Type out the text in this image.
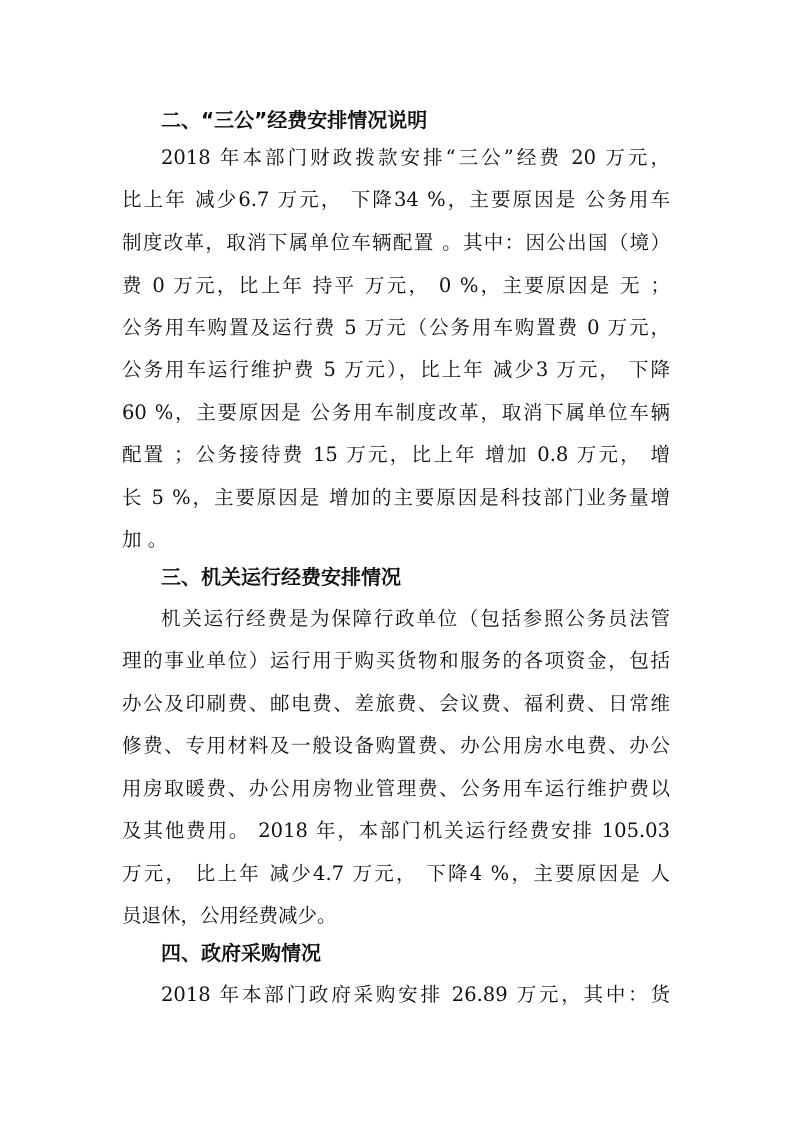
二、“三公”经费安排情况说明
2018 年本部门财政拨款安排“三公”经费 20 万元，
比上年 减少6.7 万元， 下降34 %，主要原因是 公务用车
制度改革，取消下属单位车辆配置 。其中：因公出国（境）
费 0 万元，比上年 持平 万元， 0 %，主要原因是 无 ；
公务用车购置及运行费 5 万元（公务用车购置费 0 万元，
公务用车运行维护费 5 万元），比上年 减少3 万元， 下降
60 %，主要原因是 公务用车制度改革，取消下属单位车辆
配置 ；公务接待费 15 万元，比上年 增加 0.8 万元， 增
长 5 %，主要原因是 增加的主要原因是科技部门业务量增
加 。
三、机关运行经费安排情况
机关运行经费是为保障行政单位（包括参照公务员法管
理的事业单位）运行用于购买货物和服务的各项资金，包括
办公及印刷费、邮电费、差旅费、会议费、福利费、日常维
修费、专用材料及一般设备购置费、办公用房水电费、办公
用房取暖费、办公用房物业管理费、公务用车运行维护费以
及其他费用。 2018 年，本部门机关运行经费安排 105.03
万元， 比上年 减少4.7 万元， 下降4 %，主要原因是 人
员退休，公用经费减少。
四、政府采购情况
2018 年本部门政府采购安排 26.89 万元，其中：货
